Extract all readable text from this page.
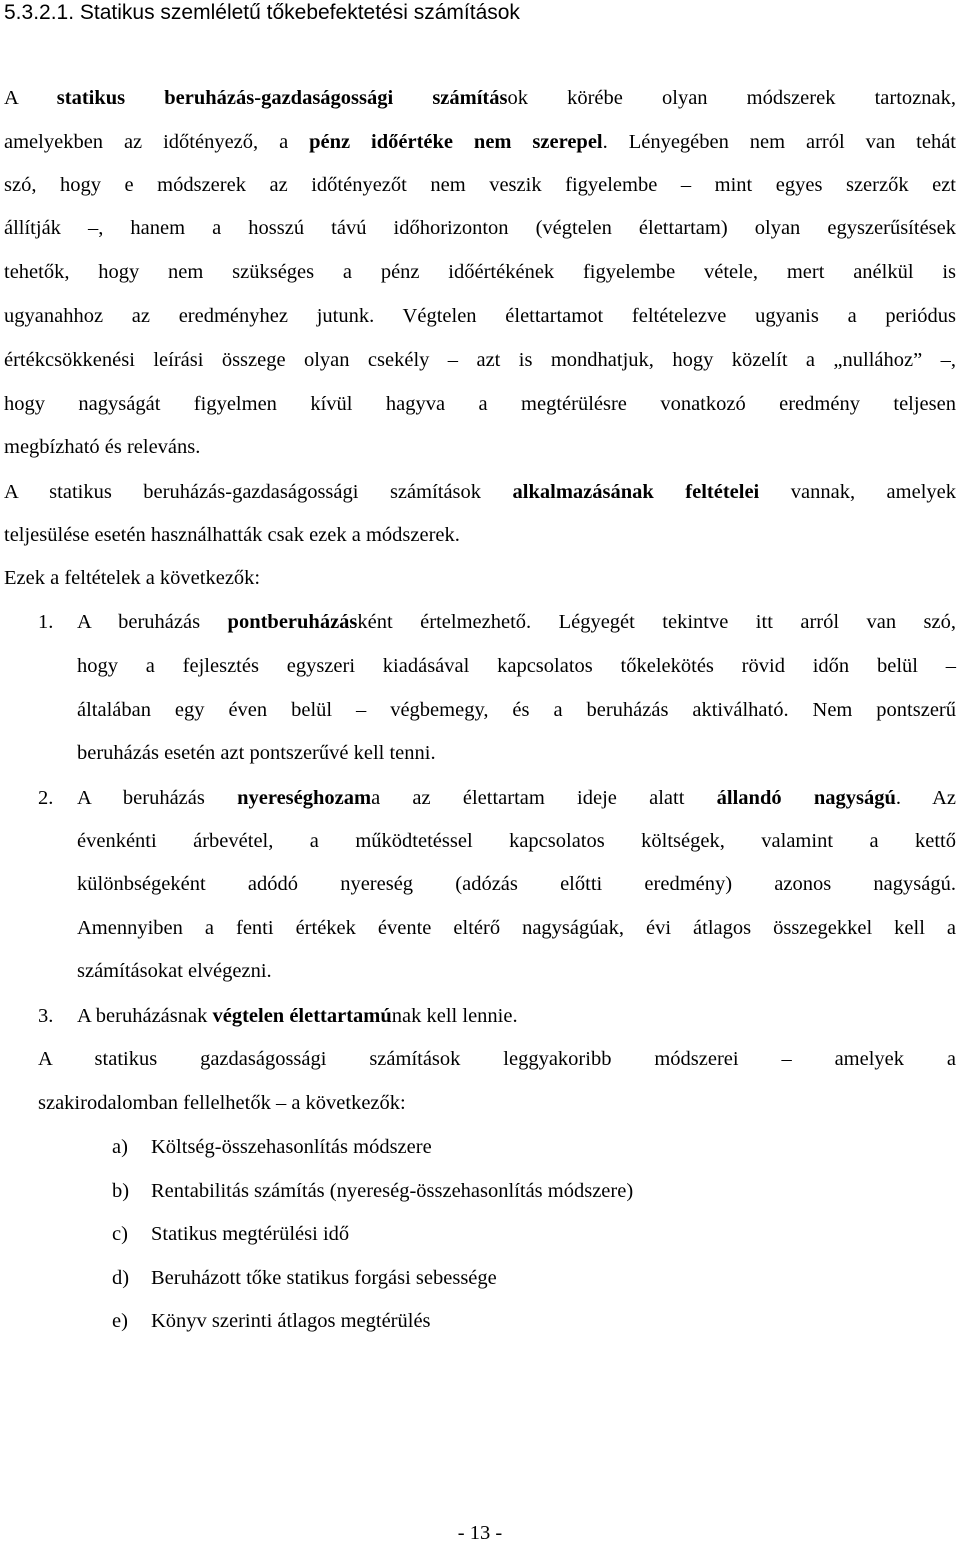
5.3.2.1. Statikus szemléletű tőkebefektetési számítások
A statikus beruházás-gazdaságossági számítások körébe olyan módszerek tartoznak,
amelyekben az időtényező, a pénz időértéke nem szerepel. Lényegében nem arról van tehát
szó, hogy e módszerek az időtényezőt nem veszik figyelembe – mint egyes szerzők ezt
állítják –, hanem a hosszú távú időhorizonton (végtelen élettartam) olyan egyszerűsítések
tehetők, hogy nem szükséges a pénz időértékének figyelembe vétele, mert anélkül is
ugyanahhoz az eredményhez jutunk. Végtelen élettartamot feltételezve ugyanis a periódus
értékcsökkenési leírási összege olyan csekély – azt is mondhatjuk, hogy közelít a „nullához” –,
hogy nagyságát figyelmen kívül hagyva a megtérülésre vonatkozó eredmény teljesen
megbízható és releváns.
A statikus beruházás-gazdaságossági számítások alkalmazásának feltételei vannak, amelyek
teljesülése esetén használhatták csak ezek a módszerek.
Ezek a feltételek a következők:
1. A beruházás pontberuházásként értelmezhető. Légyegét tekintve itt arról van szó,
hogy a fejlesztés egyszeri kiadásával kapcsolatos tőkelekötés rövid időn belül –
általában egy éven belül – végbemegy, és a beruházás aktiválható. Nem pontszerű
beruházás esetén azt pontszerűvé kell tenni.
2. A beruházás nyereséghozama az élettartam ideje alatt állandó nagyságú. Az
évenkénti árbevétel, a működtetéssel kapcsolatos költségek, valamint a kettő
különbségeként adódó nyereség (adózás előtti eredmény) azonos nagyságú.
Amennyiben a fenti értékek évente eltérő nagyságúak, évi átlagos összegekkel kell a
számításokat elvégezni.
3. A beruházásnak végtelen élettartamúnak kell lennie.
A statikus gazdaságossági számítások leggyakoribb módszerei – amelyek a
szakirodalomban fellelhetők – a következők:
a) Költség-összehasonlítás módszere
b) Rentabilitás számítás (nyereség-összehasonlítás módszere)
c) Statikus megtérülési idő
d) Beruházott tőke statikus forgási sebessége
e) Könyv szerinti átlagos megtérülés
- 13 -
